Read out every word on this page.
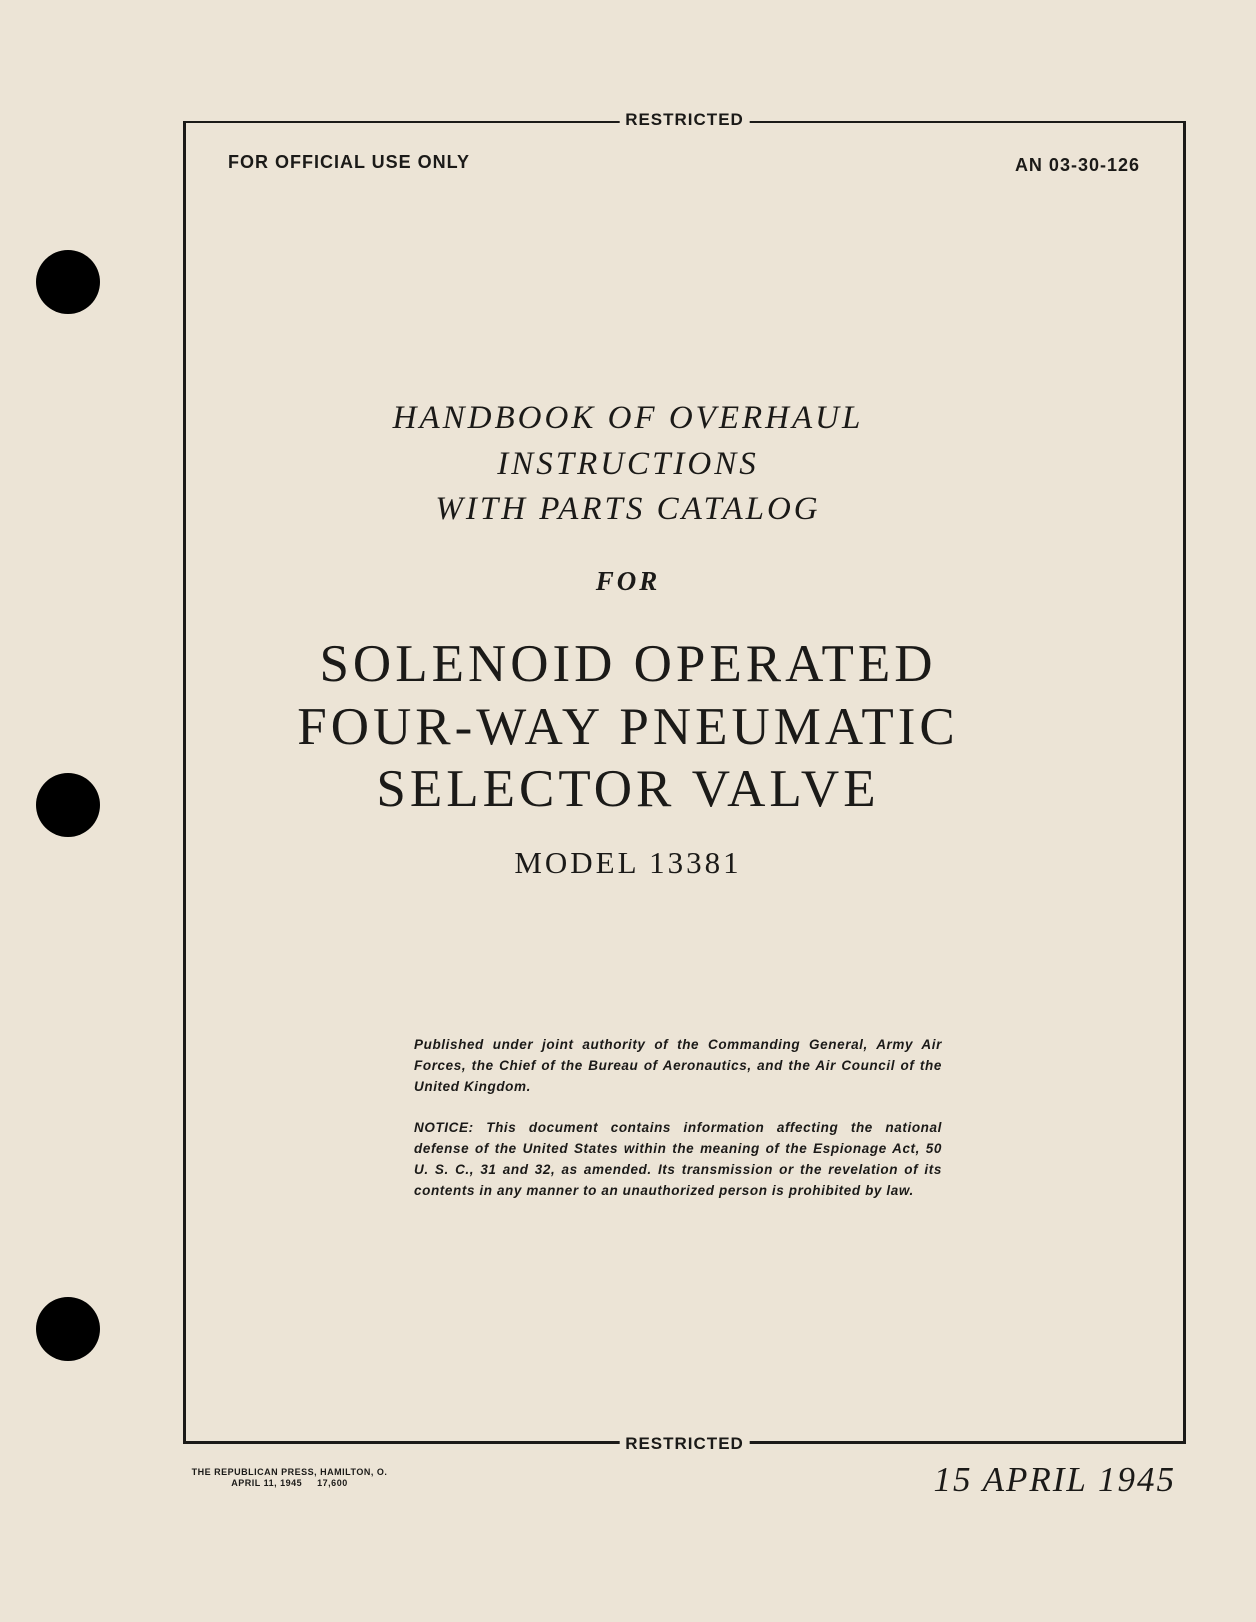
RESTRICTED
RESTRICTED
FOR OFFICIAL USE ONLY	AN 03-30-126
HANDBOOK OF OVERHAUL
INSTRUCTIONS
WITH PARTS CATALOG
FOR
SOLENOID OPERATED
FOUR-WAY PNEUMATIC
SELECTOR VALVE
MODEL 13381

Published under joint authority of the Commanding General, Army Air Forces, the Chief of the Bureau of Aeronautics, and the Air Council of the United Kingdom.

NOTICE: This document contains information affecting the national defense of the United States within the meaning of the Espionage Act, 50 U. S. C., 31 and 32, as amended. Its transmission or the revelation of its contents in any manner to an unauthorized person is prohibited by law.

THE REPUBLICAN PRESS, HAMILTON, O.
APRIL 11, 1945     17,600	15 APRIL 1945
